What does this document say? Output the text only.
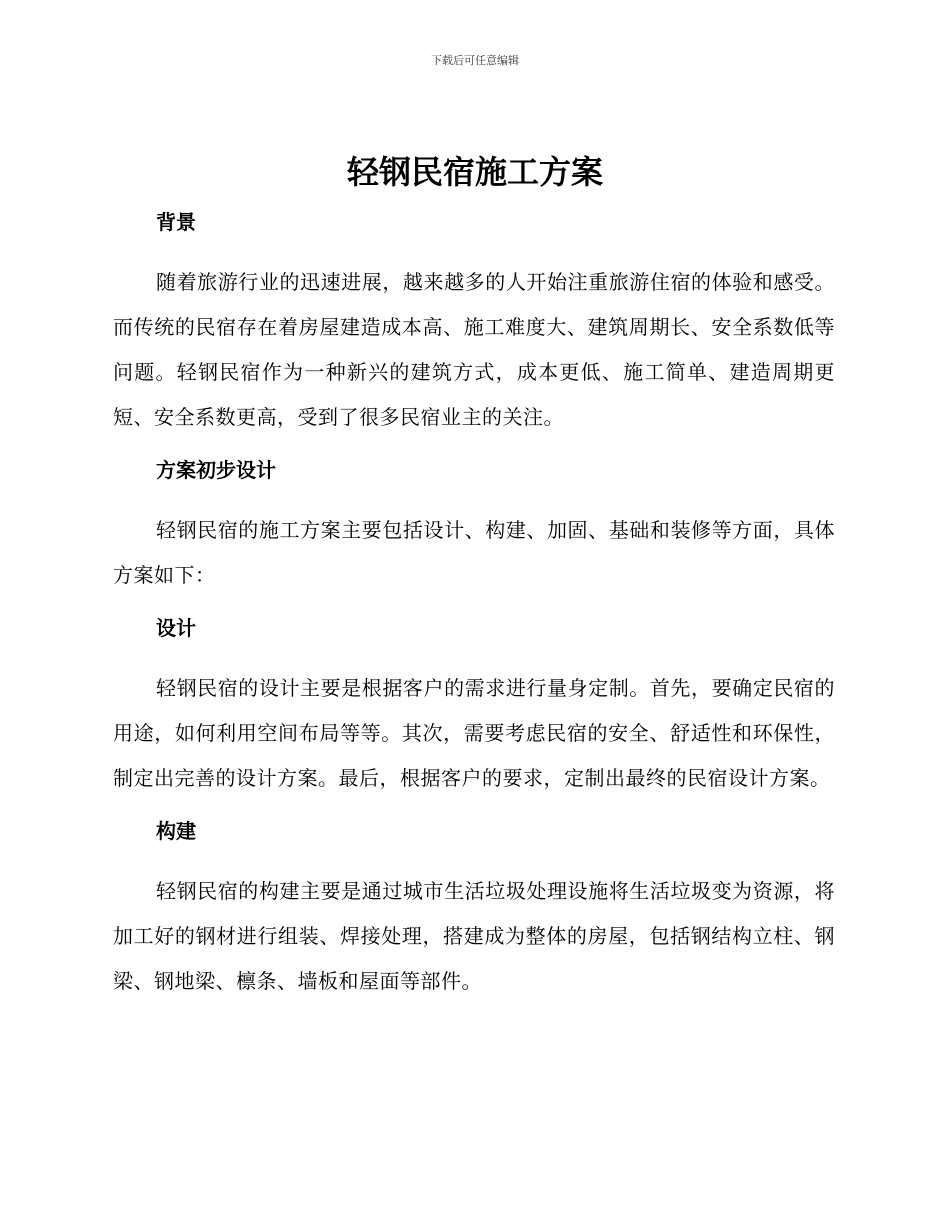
下载后可任意编辑
轻钢民宿施工方案
背景

随着旅游行业的迅速进展，越来越多的人开始注重旅游住宿的体验和感受。而传统的民宿存在着房屋建造成本高、施工难度大、建筑周期长、安全系数低等问题。轻钢民宿作为一种新兴的建筑方式，成本更低、施工简单、建造周期更短、安全系数更高，受到了很多民宿业主的关注。

方案初步设计

轻钢民宿的施工方案主要包括设计、构建、加固、基础和装修等方面，具体方案如下：

设计

轻钢民宿的设计主要是根据客户的需求进行量身定制。首先，要确定民宿的用途，如何利用空间布局等等。其次，需要考虑民宿的安全、舒适性和环保性，制定出完善的设计方案。最后，根据客户的要求，定制出最终的民宿设计方案。

构建

轻钢民宿的构建主要是通过城市生活垃圾处理设施将生活垃圾变为资源，将加工好的钢材进行组装、焊接处理，搭建成为整体的房屋，包括钢结构立柱、钢梁、钢地梁、檩条、墙板和屋面等部件。
